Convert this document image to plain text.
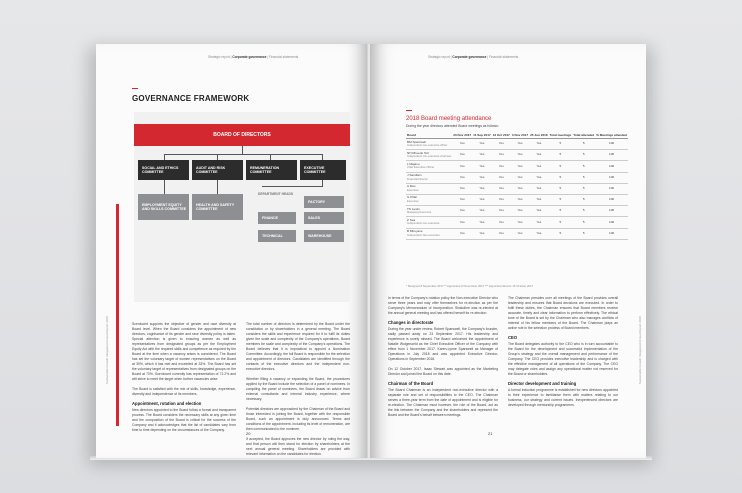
Strategic report | Corporate governance | Financial statements
Sustainable Growth Integrated Annual Report 2018
GOVERNANCE FRAMEWORK
BOARD OF DIRECTORS
SOCIAL AND ETHICS COMMITTEE
AUDIT AND RISK COMMITTEE
REMUNERATION COMMITTEE
EXECUTIVE COMMITTEE
EMPLOYMENT EQUITY AND SKILLS COMMITTEE
HEALTH AND SAFETY COMMITTEE
DEPARTMENT HEADS
FINANCE
TECHNICAL
FACTORY
SALES
WAREHOUSE
Scenlooed supports the objective of gender and race diversity at Board level. When the Board considers the appointment of new directors, cognisance of its gender and race diversity policy is taken. Special attention is given to ensuring women as well as representatives from designated groups as per the Employment Equity Act with the required skills and competence as required by the Board at the time when a vacancy arises is considered. The Board has set the voluntary target of women representatives on the Board at 30%, which it has met and exceeded at 33%. The Board has set the voluntary target of representatives from designated groups on the Board at 70%. Scenlooed currently has representation of 72.2% and will strive to meet the target when further vacancies arise.

The Board is satisfied with the mix of skills, knowledge, experience, diversity and independence of its members.
Appointment, rotation and election
New directors appointed to the Board follow a formal and transparent process. The Board considers the necessary skills at any given time and the composition of the Board is critical for the success of the Company and it acknowledges that the list of candidates vary from time to time depending on the circumstances of the Company.
The total number of directors is determined by the Board under the constitution or by shareholders in a general meeting. The Board considers the skills and experience required for it to fulfil its duties given the scale and complexity of the Company's operations. Board members be scale and complexity of the Company's operations. The Board believes that it is impractical to appoint a Nomination Committee. Accordingly, the full Board is responsible for the selection and appointment of directors. Candidates are identified through the contacts of the executive directors and the independent non-executive directors.

Whether filling a vacancy or expanding the Board, the procedures applied by the Board include the selection of a panel of nominees. In compiling the panel of nominees, the Board draws on advice from external consultants and internal industry experience, where necessary.

Potential directors are approached by the Chairman of the Board and those interested in joining the Board, together with the responsible Board, such an appointment is duly announced. Terms and conditions of the appointment, including its level of remuneration, are then communicated to the nominee.

If accepted, the Board approves the new director by ruling the way, and that person will then stand for election by shareholders at the next annual general meeting. Shareholders are provided with relevant information on the candidates for election.
20
Strategic report | Corporate governance | Financial statements
Sustainable Growth Integrated Annual Report 2018
2018 Board meeting attendance
During the year directors attended Board meetings as follows:
Board	20 Nov 2017	11 Sep 2017	13 Oct 2017	3 Nov 2017	25 Jun 2018	Total meetings	Total attended	% Meetings attended
BM Sparswell
Independent non-executive officer	Yes	Yes	Yes	Yes	Yes	5	5	100
NH Rheede Tell
Independent non-executive chairman	Yes	Yes	Yes	Yes	Yes	5	5	100
L Majavu
Chief Executive Officer	Yes	Yes	Yes	Yes	Yes	5	5	100
J Sandlam
Financial Director	Yes	Yes	Yes	Yes	Yes	5	5	100
A Rao
Executive	Yes	Yes	Yes	Yes	Yes	5	5	100
G Pillai
Executive	Yes	Yes	Yes	Yes	Yes	5	5	100
TS Lewin
Marketing Executive	Yes	Yes	Yes	Yes	Yes	5	5	100
Z Sea
Independent non-executive	Yes	Yes	Yes	Yes	Yes	5	5	100
B Mbuyane
Independent Non-executive	Yes	Yes	Yes	Yes	Yes	5	5	100
* Resigned 8 September 2017 ** Appointed 13 November 2017 *** Appointed director 15 October 2017
In terms of the Company's rotation policy the Non-executive Director who serve three years and may offer themselves for re-election as per the Company's Memorandum of Incorporation. Shakoline was re-elected at the annual general meeting and has offered herself for re-election.
Changes in directorate
During the year under review, Robert Sparswell, the Company's founder, sadly passed away on 23 September 2017. His leadership and experience is sorely missed. The Board welcomed the appointment of Natalie Wolgenoeld as the Chief Executive Officer of the Company with effect from 1 November 2017. Karen-Lynne Sparswell as Manager of Operations in July 2018 and was appointed Executive Director, Operations in September 2018.

On 12 October 2017, Isaac Stewart was appointed as the Marketing Director and joined the Board on this date.
Chairman of the Board
The Board Chairman is an independent non-executive director with a separate role and set of responsibilities to the CEO. The Chairman serves a three-year term from the date of appointment and is eligible for re-election. The Chairman must however, the role of the Board, act as the link between the Company and the shareholders and represent the Board and the Board's behalf between meetings.
The Chairman presides over all meetings of the Board provides overall leadership and ensures that Board decisions are executed. In order to fulfil these duties, the Chairman ensures that Board members receive accurate, timely and clear information to perform effectively. The ethical tone of the Board is set by the Chairman who also manages conflicts of interest of his fellow members of the Board. The Chairman plays an active role in the selection process of Board members.
CEO
The Board delegates authority to the CEO who is in turn accountable to the Board for the development and successful implementation of the Group's strategy and the overall management and performance of the Company. The CEO provides executive leadership and is charged with the effective management of all operations of the Company. The CEO may delegate roles and assign any operational matter not reserved for the Board or shareholders.
Director development and training
A formal induction programme is established for new directors appointed to their experience to familiarise them with matters relating to our business, our strategy and current issues. Inexperienced directors are developed through mentorship programmes.
21
